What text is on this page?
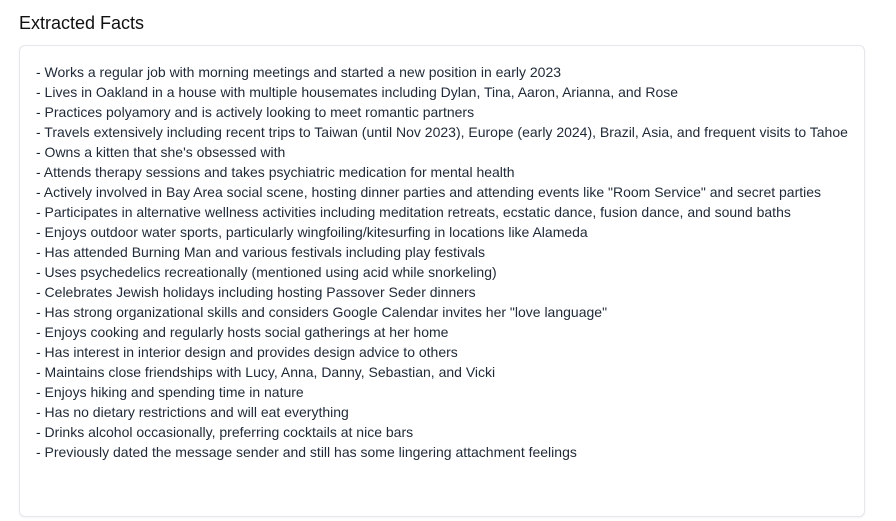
Extracted Facts
- Works a regular job with morning meetings and started a new position in early 2023
- Lives in Oakland in a house with multiple housemates including Dylan, Tina, Aaron, Arianna, and Rose
- Practices polyamory and is actively looking to meet romantic partners
- Travels extensively including recent trips to Taiwan (until Nov 2023), Europe (early 2024), Brazil, Asia, and frequent visits to Tahoe
- Owns a kitten that she's obsessed with
- Attends therapy sessions and takes psychiatric medication for mental health
- Actively involved in Bay Area social scene, hosting dinner parties and attending events like "Room Service" and secret parties
- Participates in alternative wellness activities including meditation retreats, ecstatic dance, fusion dance, and sound baths
- Enjoys outdoor water sports, particularly wingfoiling/kitesurfing in locations like Alameda
- Has attended Burning Man and various festivals including play festivals
- Uses psychedelics recreationally (mentioned using acid while snorkeling)
- Celebrates Jewish holidays including hosting Passover Seder dinners
- Has strong organizational skills and considers Google Calendar invites her "love language"
- Enjoys cooking and regularly hosts social gatherings at her home
- Has interest in interior design and provides design advice to others
- Maintains close friendships with Lucy, Anna, Danny, Sebastian, and Vicki
- Enjoys hiking and spending time in nature
- Has no dietary restrictions and will eat everything
- Drinks alcohol occasionally, preferring cocktails at nice bars
- Previously dated the message sender and still has some lingering attachment feelings
